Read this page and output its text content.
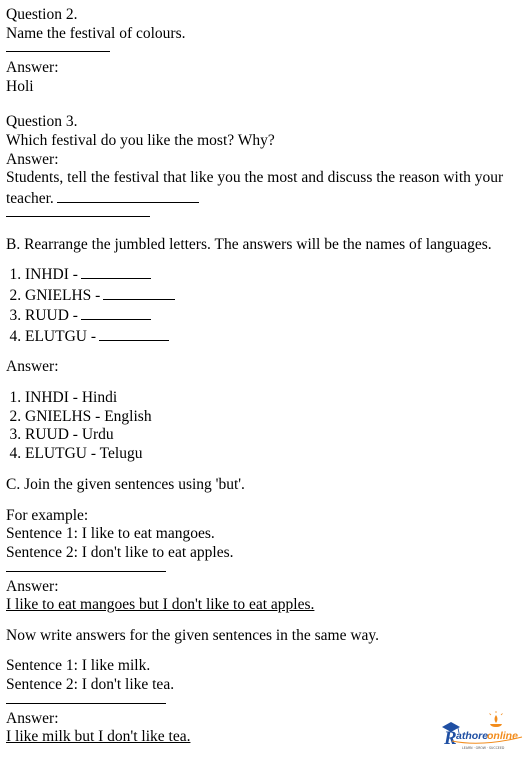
Question 2.
Name the festival of colours.
Answer:
Holi
Question 3.
Which festival do you like the most? Why?
Answer:
Students, tell the festival that like you the most and discuss the reason with your teacher.
B. Rearrange the jumbled letters. The answers will be the names of languages.
1. INHDI -
2. GNIELHS -
3. RUUD -
4. ELUTGU -
Answer:
1. INHDI - Hindi
2. GNIELHS - English
3. RUUD - Urdu
4. ELUTGU - Telugu
C. Join the given sentences using 'but'.
For example:
Sentence 1: I like to eat mangoes.
Sentence 2: I don't like to eat apples.
Answer:
I like to eat mangoes but I don't like to eat apples.
Now write answers for the given sentences in the same way.
Sentence 1: I like milk.
Sentence 2: I don't like tea.
Answer:
I like milk but I don't like tea.	R athore
online
LEARN · GROW · SUCCEED
